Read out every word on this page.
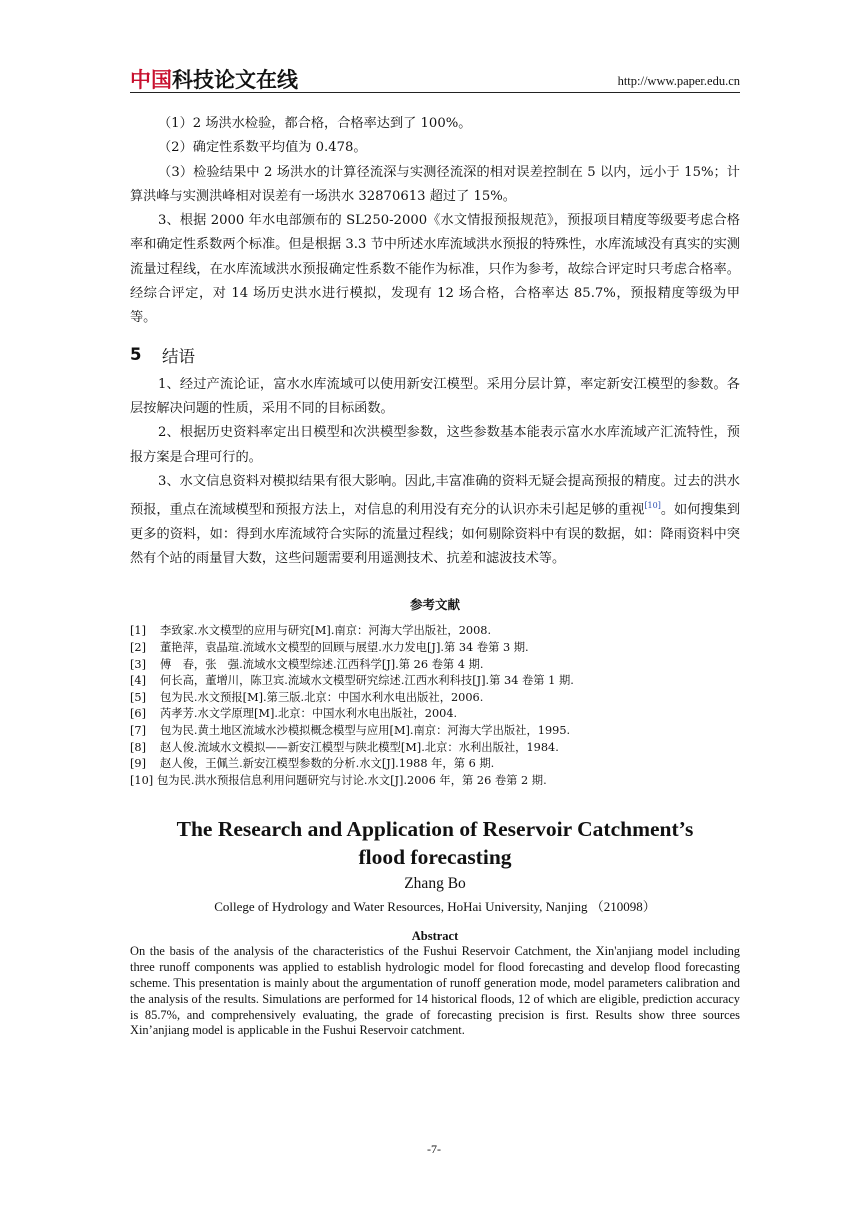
中国科技论文在线	http://www.paper.edu.cn

（1）2 场洪水检验，都合格，合格率达到了 100%。

（2）确定性系数平均值为 0.478。

（3）检验结果中 2 场洪水的计算径流深与实测径流深的相对误差控制在 5 以内，远小于 15%；计算洪峰与实测洪峰相对误差有一场洪水 32870613 超过了 15%。

3、根据 2000 年水电部颁布的 SL250-2000《水文情报预报规范》，预报项目精度等级要考虑合格率和确定性系数两个标准。但是根据 3.3 节中所述水库流域洪水预报的特殊性，水库流域没有真实的实测流量过程线，在水库流域洪水预报确定性系数不能作为标准，只作为参考，故综合评定时只考虑合格率。经综合评定，对 14 场历史洪水进行模拟，发现有 12 场合格，合格率达 85.7%，预报精度等级为甲等。

5	结语

1、经过产流论证，富水水库流域可以使用新安江模型。采用分层计算，率定新安江模型的参数。各层按解决问题的性质，采用不同的目标函数。

2、根据历史资料率定出日模型和次洪模型参数，这些参数基本能表示富水水库流域产汇流特性，预报方案是合理可行的。

3、水文信息资料对模拟结果有很大影响。因此,丰富准确的资料无疑会提高预报的精度。过去的洪水预报，重点在流域模型和预报方法上，对信息的利用没有充分的认识亦未引起足够的重视[10]。如何搜集到更多的资料，如：得到水库流域符合实际的流量过程线；如何剔除资料中有误的数据，如：降雨资料中突然有个站的雨量冒大数，这些问题需要利用遥测技术、抗差和滤波技术等。

参考文献
[1]	李致家.水文模型的应用与研究[M].南京：河海大学出版社，2008.
[2]	董艳萍，袁晶瑄.流域水文模型的回顾与展望.水力发电[J].第 34 卷第 3 期.
[3]	傅　春，张　强.流域水文模型综述.江西科学[J].第 26 卷第 4 期.
[4]	何长高，董增川，陈卫宾.流域水文模型研究综述.江西水利科技[J].第 34 卷第 1 期.
[5]	包为民.水文预报[M].第三版.北京：中国水利水电出版社，2006.
[6]	芮孝芳.水文学原理[M].北京：中国水利水电出版社，2004.
[7]	包为民.黄土地区流域水沙模拟概念模型与应用[M].南京：河海大学出版社，1995.
[8]	赵人俊.流域水文模拟——新安江模型与陕北模型[M].北京：水利出版社，1984.
[9]	赵人俊，王佩兰.新安江模型参数的分析.水文[J].1988 年，第 6 期.
[10] 包为民.洪水预报信息利用问题研究与讨论.水文[J].2006 年，第 26 卷第 2 期.
The Research and Application of Reservoir Catchment’s
flood forecasting
Zhang Bo
College of Hydrology and Water Resources, HoHai University, Nanjing （210098）
Abstract

On the basis of the analysis of the characteristics of the Fushui Reservoir Catchment, the Xin'anjiang model including three runoff components was applied to establish hydrologic model for flood forecasting and develop flood forecasting scheme. This presentation is mainly about the argumentation of runoff generation mode, model parameters calibration and the analysis of the results. Simulations are performed for 14 historical floods, 12 of which are eligible, prediction accuracy is 85.7%, and comprehensively evaluating, the grade of forecasting precision is first. Results show three sources Xin’anjiang model is applicable in the Fushui Reservoir catchment.

-7-
